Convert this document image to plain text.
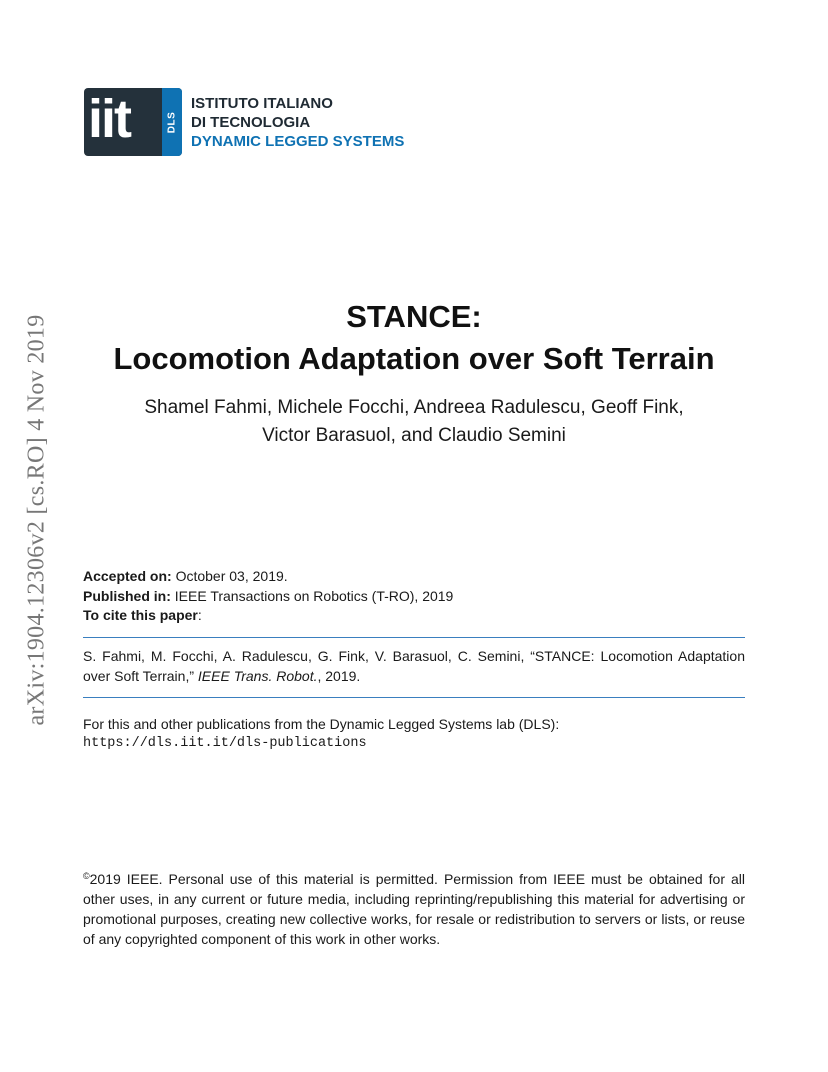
iit	DLS
ISTITUTO ITALIANO
DI TECNOLOGIA
DYNAMIC LEGGED SYSTEMS
arXiv:1904.12306v2 [cs.RO] 4 Nov 2019	STANCE:
Locomotion Adaptation over Soft Terrain
Shamel Fahmi, Michele Focchi, Andreea Radulescu, Geoff Fink,
Victor Barasuol, and Claudio Semini
Accepted on: October 03, 2019.
Published in: IEEE Transactions on Robotics (T-RO), 2019
To cite this paper:
S. Fahmi, M. Focchi, A. Radulescu, G. Fink, V. Barasuol, C. Semini, “STANCE: Locomotion Adaptation over Soft Terrain,” IEEE Trans. Robot., 2019.
For this and other publications from the Dynamic Legged Systems lab (DLS):
https://dls.iit.it/dls-publications
©2019 IEEE. Personal use of this material is permitted. Permission from IEEE must be obtained for all other uses, in any current or future media, including reprinting/republishing this material for advertising or promotional purposes, creating new collective works, for resale or redistribution to servers or lists, or reuse of any copyrighted component of this work in other works.
